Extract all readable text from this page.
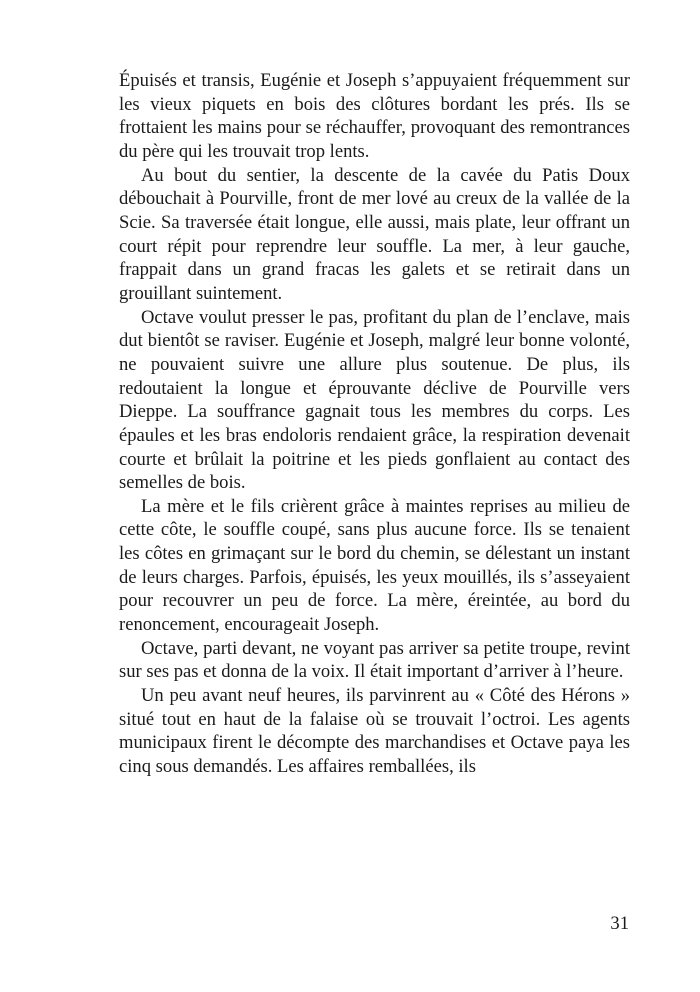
Épuisés et transis, Eugénie et Joseph s’appuyaient fréquemment sur les vieux piquets en bois des clôtures bordant les prés. Ils se frottaient les mains pour se réchauffer, provoquant des remontrances du père qui les trouvait trop lents.

Au bout du sentier, la descente de la cavée du Patis Doux débouchait à Pourville, front de mer lové au creux de la vallée de la Scie. Sa traversée était longue, elle aussi, mais plate, leur offrant un court répit pour reprendre leur souffle. La mer, à leur gauche, frappait dans un grand fracas les galets et se retirait dans un grouillant suintement.

Octave voulut presser le pas, profitant du plan de l’enclave, mais dut bientôt se raviser. Eugénie et Joseph, malgré leur bonne volonté, ne pouvaient suivre une allure plus soutenue. De plus, ils redoutaient la longue et éprouvante déclive de Pourville vers Dieppe. La souffrance gagnait tous les membres du corps. Les épaules et les bras endoloris rendaient grâce, la respiration devenait courte et brûlait la poitrine et les pieds gonflaient au contact des semelles de bois.

La mère et le fils crièrent grâce à maintes reprises au milieu de cette côte, le souffle coupé, sans plus aucune force. Ils se tenaient les côtes en grimaçant sur le bord du chemin, se délestant un instant de leurs charges. Parfois, épuisés, les yeux mouillés, ils s’asseyaient pour recouvrer un peu de force. La mère, éreintée, au bord du renoncement, encourageait Joseph.

Octave, parti devant, ne voyant pas arriver sa petite troupe, revint sur ses pas et donna de la voix. Il était important d’arriver à l’heure.

Un peu avant neuf heures, ils parvinrent au « Côté des Hérons » situé tout en haut de la falaise où se trouvait l’octroi. Les agents municipaux firent le décompte des marchandises et Octave paya les cinq sous demandés. Les affaires remballées, ils

31
